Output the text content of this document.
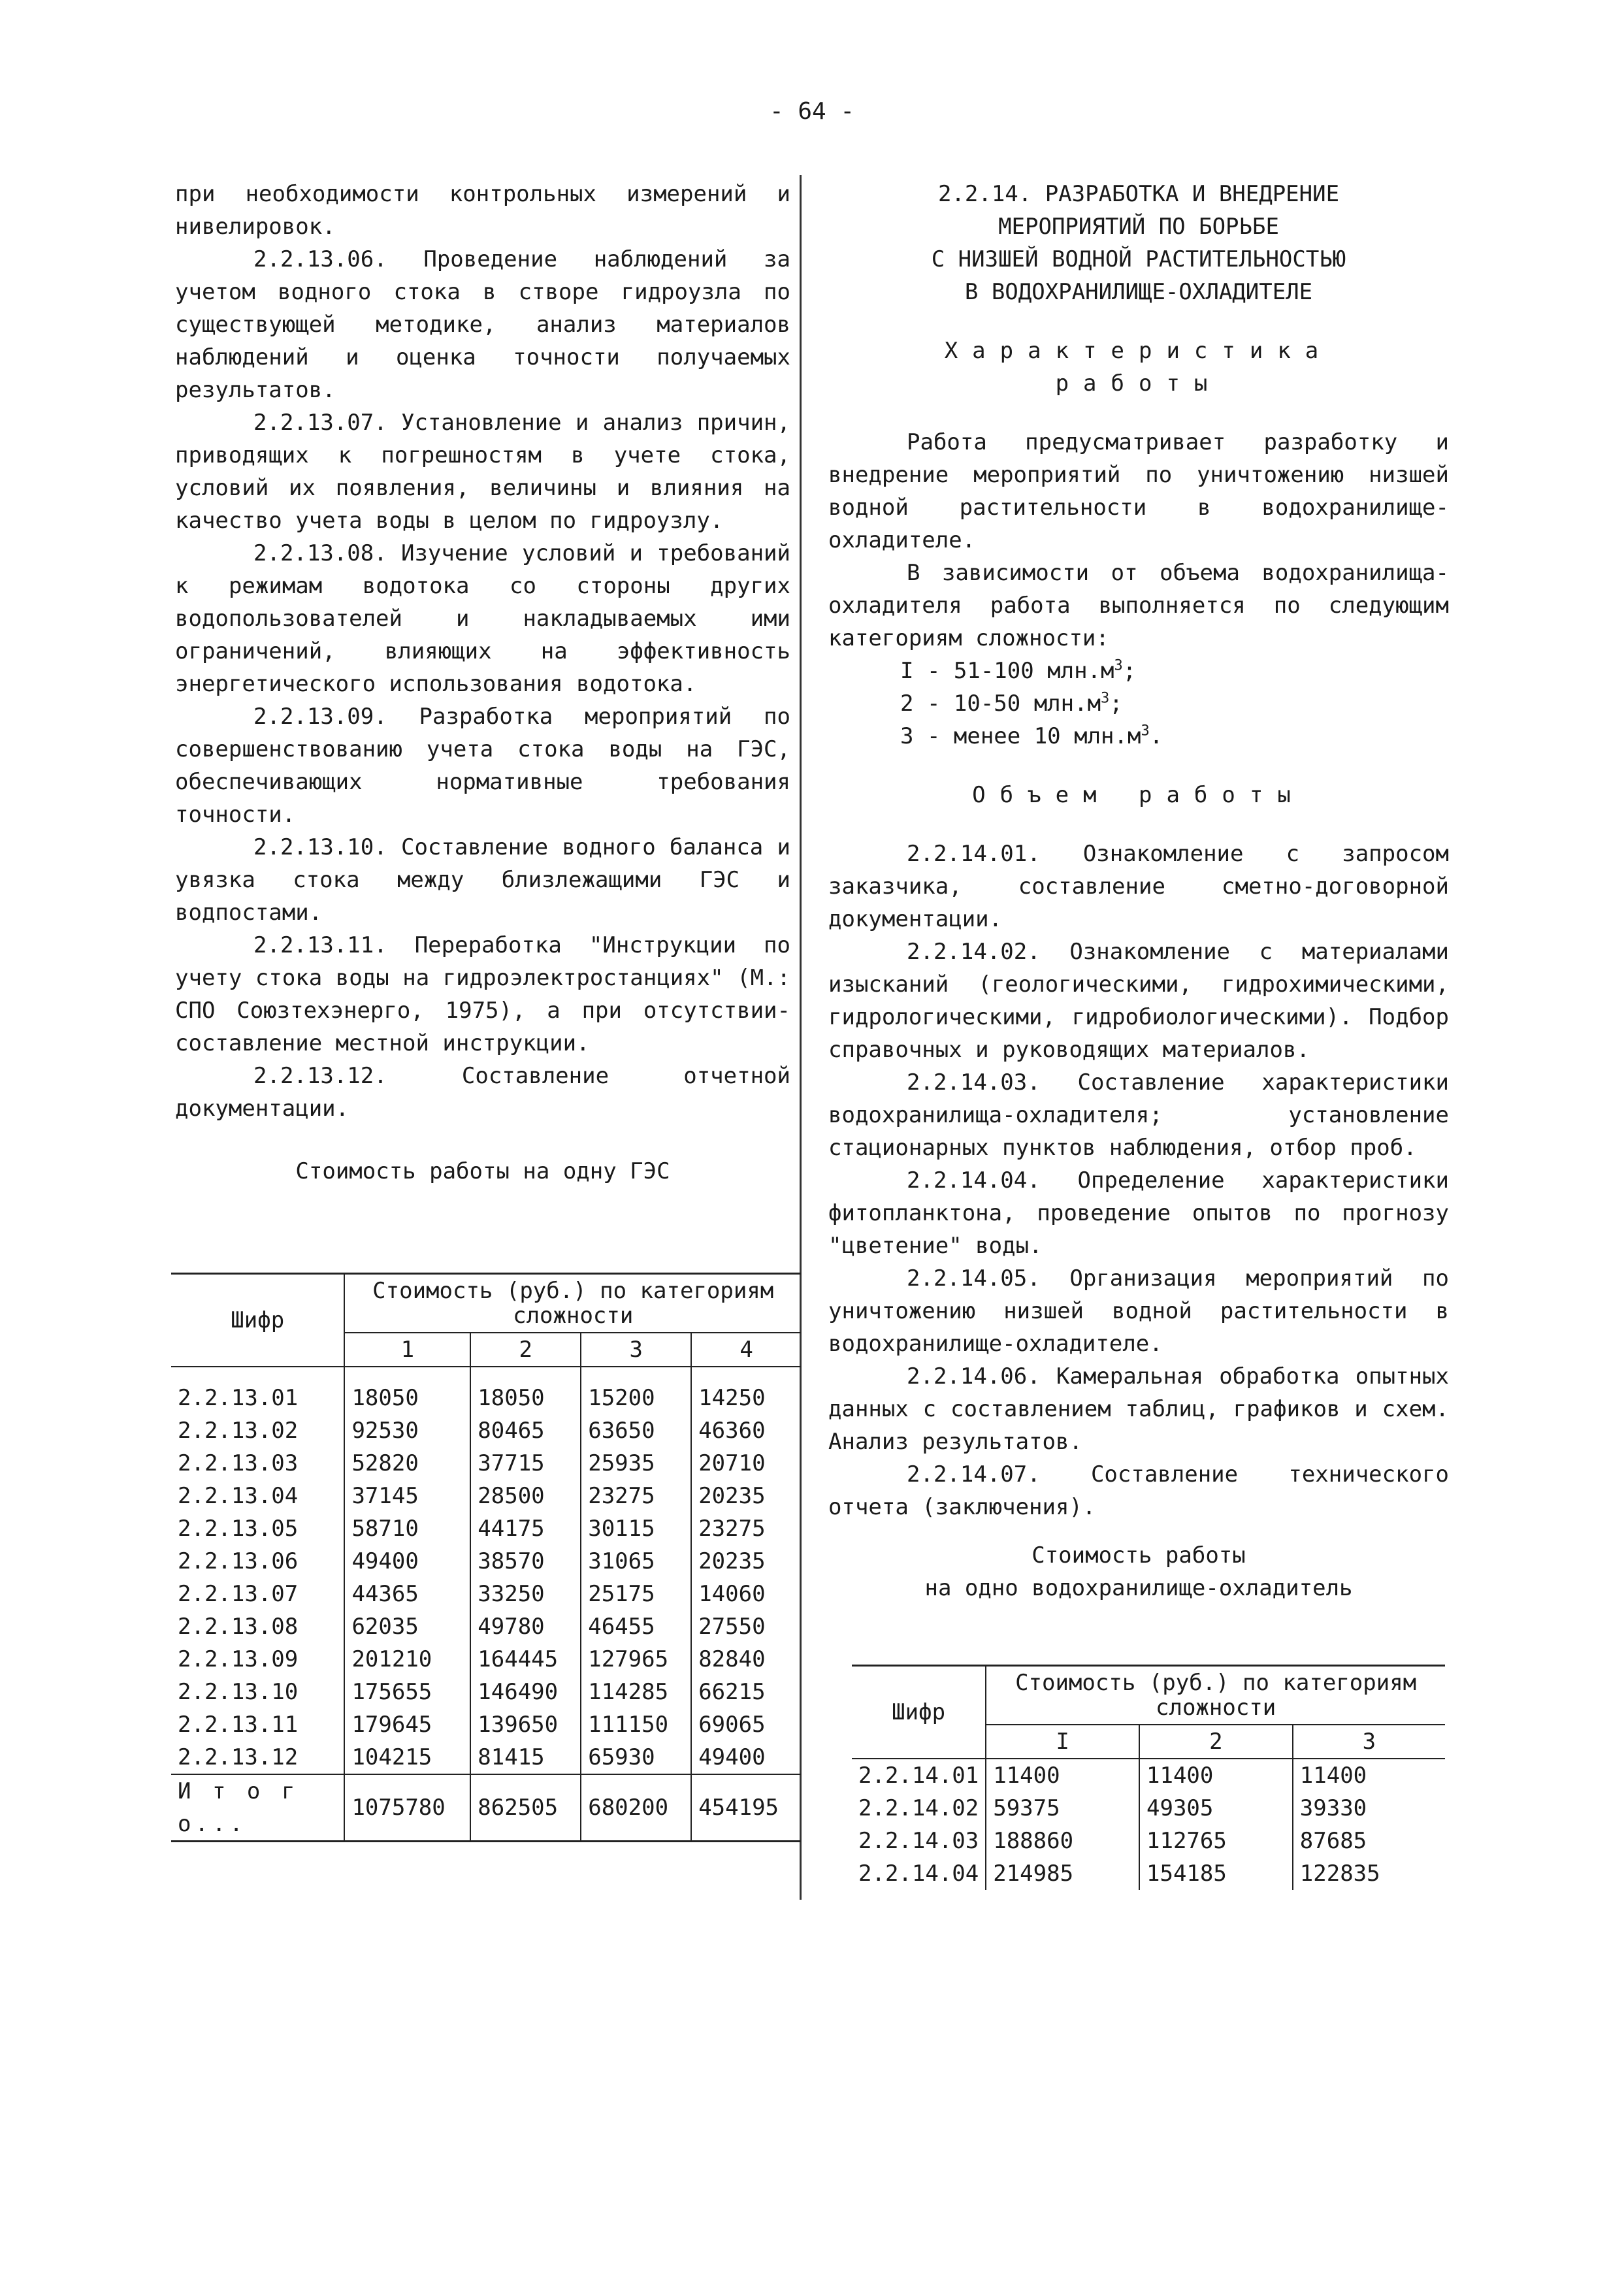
- 64 -

при необходимости контрольных измерений и нивелировок.

2.2.13.06. Проведение наблюдений за учетом водного стока в створе гидроузла по существующей методике, анализ материалов наблюдений и оценка точности получаемых результатов.

2.2.13.07. Установление и анализ причин, приводящих к погрешностям в учете стока, условий их появления, величины и влияния на качество учета воды в целом по гидроузлу.

2.2.13.08. Изучение условий и требований к режимам водотока со стороны других водопользователей и накладываемых ими ограничений, влияющих на эффективность энергетического использования водотока.

2.2.13.09. Разработка мероприятий по совершенствованию учета стока воды на ГЭС, обеспечивающих нормативные требования точности.

2.2.13.10. Составление водного баланса и увязка стока между близлежащими ГЭС и водпостами.

2.2.13.11. Переработка "Инструкции по учету стока воды на гидроэлектростанциях" (М.: СПО Союзтехэнерго, 1975), а при отсутствии-составление местной инструкции.

2.2.13.12. Составление отчетной документации.

Стоимость работы на одну ГЭС

Шифр	Стоимость (руб.) по категориям сложности			
	1	2	3	4
2.2.13.01	18050	18050	15200	14250
2.2.13.02	92530	80465	63650	46360
2.2.13.03	52820	37715	25935	20710
2.2.13.04	37145	28500	23275	20235
2.2.13.05	58710	44175	30115	23275
2.2.13.06	49400	38570	31065	20235
2.2.13.07	44365	33250	25175	14060
2.2.13.08	62035	49780	46455	27550
2.2.13.09	201210	164445	127965	82840
2.2.13.10	175655	146490	114285	66215
2.2.13.11	179645	139650	111150	69065
2.2.13.12	104215	81415	65930	49400
И т о г о...	1075780	862505	680200	454195

2.2.14. РАЗРАБОТКА И ВНЕДРЕНИЕ

МЕРОПРИЯТИЙ ПО БОРЬБЕ

С НИЗШЕЙ ВОДНОЙ РАСТИТЕЛЬНОСТЬЮ

В ВОДОХРАНИЛИЩЕ-ОХЛАДИТЕЛЕ

Характеристика

работы

Работа предусматривает разработку и внедрение мероприятий по уничтожению низшей водной растительности в водохранилище-охладителе.

В зависимости от объема водохранилища-охладителя работа выполняется по следующим категориям сложности:

I - 51-100 $млн.м^3$;

2 - 10-50 $млн.м^3$;

3 - менее 10 $млн.м^3$.

Объем работы

2.2.14.01. Ознакомление с запросом заказчика, составление сметно-договорной документации.

2.2.14.02. Ознакомление с материалами изысканий (геологическими, гидрохимическими, гидрологическими, гидробиологическими). Подбор справочных и руководящих материалов.

2.2.14.03. Составление характеристики водохранилища-охладителя; установление стационарных пунктов наблюдения, отбор проб.

2.2.14.04. Определение характеристики фитопланктона, проведение опытов по прогнозу "цветение" воды.

2.2.14.05. Организация мероприятий по уничтожению низшей водной растительности в водохранилище-охладителе.

2.2.14.06. Камеральная обработка опытных данных с составлением таблиц, графиков и схем. Анализ результатов.

2.2.14.07. Составление технического отчета (заключения).

Стоимость работы

на одно водохранилище-охладитель

Шифр	Стоимость (руб.) по категориям сложности		
	I	2	3
2.2.14.01	11400	11400	11400
2.2.14.02	59375	49305	39330
2.2.14.03	188860	112765	87685
2.2.14.04	214985	154185	122835
